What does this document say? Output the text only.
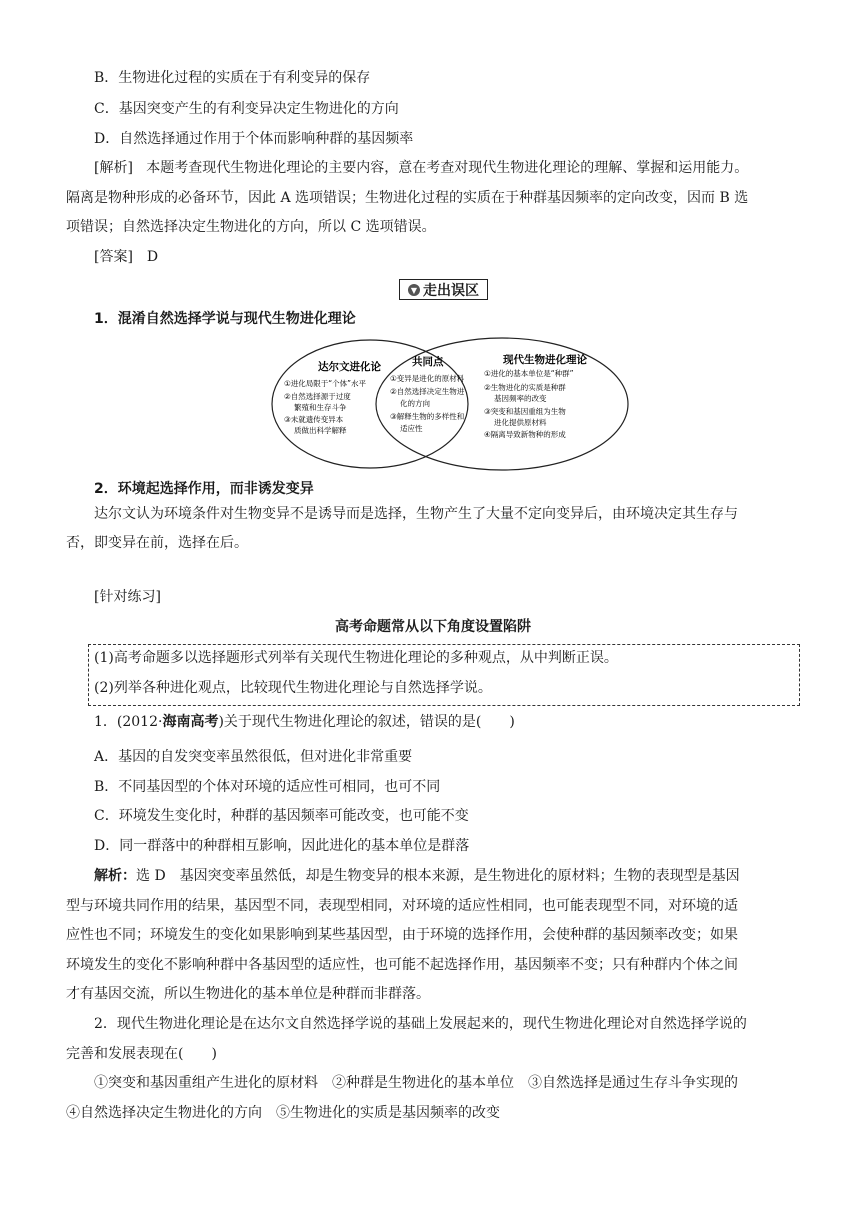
B．生物进化过程的实质在于有利变异的保存
C．基因突变产生的有利变异决定生物进化的方向
D．自然选择通过作用于个体而影响种群的基因频率
[解析] 本题考查现代生物进化理论的主要内容，意在考查对现代生物进化理论的理解、掌握和运用能力。
隔离是物种形成的必备环节，因此 A 选项错误；生物进化过程的实质在于种群基因频率的定向改变，因而 B 选
项错误；自然选择决定生物进化的方向，所以 C 选项错误。
[答案]　D
▼ 走出误区
1．混淆自然选择学说与现代生物进化理论
达尔文进化论
①进化局限于“个体”水平
②自然选择源于过度
繁殖和生存斗争
③未就遗传变异本
质做出科学解释
共同点
①变异是进化的原材料
②自然选择决定生物进
化的方向
③解释生物的多样性和
适应性
现代生物进化理论
①进化的基本单位是“种群”
②生物进化的实质是种群
基因频率的改变
③突变和基因重组为生物
进化提供原材料
④隔离导致新物种的形成
2．环境起选择作用，而非诱发变异
达尔文认为环境条件对生物变异不是诱导而是选择，生物产生了大量不定向变异后，由环境决定其生存与
否，即变异在前，选择在后。
[针对练习]
高考命题常从以下角度设置陷阱
(1)高考命题多以选择题形式列举有关现代生物进化理论的多种观点，从中判断正误。
(2)列举各种进化观点，比较现代生物进化理论与自然选择学说。
1．(2012·海南高考)关于现代生物进化理论的叙述，错误的是(　　)
A．基因的自发突变率虽然很低，但对进化非常重要
B．不同基因型的个体对环境的适应性可相同，也可不同
C．环境发生变化时，种群的基因频率可能改变，也可能不变
D．同一群落中的种群相互影响，因此进化的基本单位是群落
解析：选 D　基因突变率虽然低，却是生物变异的根本来源，是生物进化的原材料；生物的表现型是基因
型与环境共同作用的结果，基因型不同，表现型相同，对环境的适应性相同，也可能表现型不同，对环境的适
应性也不同；环境发生的变化如果影响到某些基因型，由于环境的选择作用，会使种群的基因频率改变；如果
环境发生的变化不影响种群中各基因型的适应性，也可能不起选择作用，基因频率不变；只有种群内个体之间
才有基因交流，所以生物进化的基本单位是种群而非群落。
2．现代生物进化理论是在达尔文自然选择学说的基础上发展起来的，现代生物进化理论对自然选择学说的
完善和发展表现在(　　)
①突变和基因重组产生进化的原材料　②种群是生物进化的基本单位　③自然选择是通过生存斗争实现的
④自然选择决定生物进化的方向　⑤生物进化的实质是基因频率的改变
